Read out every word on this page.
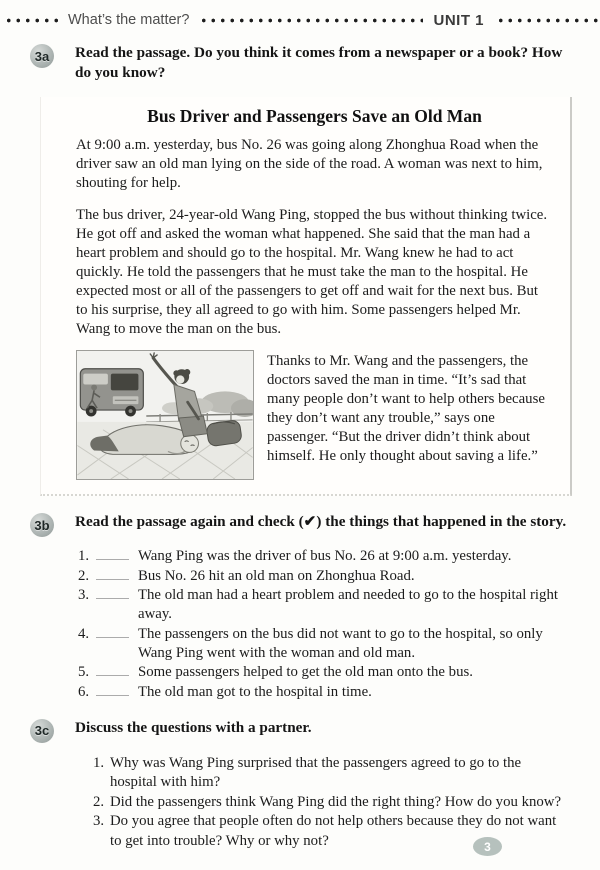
What’s the matter?	UNIT 1
3a	Read the passage. Do you think it comes from a newspaper or a book? How do you know?
Bus Driver and Passengers Save an Old Man

At 9:00 a.m. yesterday, bus No. 26 was going along Zhonghua Road when the driver saw an old man lying on the side of the road. A woman was next to him, shouting for help.

The bus driver, 24-year-old Wang Ping, stopped the bus without thinking twice. He got off and asked the woman what happened. She said that the man had a heart problem and should go to the hospital. Mr. Wang knew he had to act quickly. He told the passengers that he must take the man to the hospital. He expected most or all of the passengers to get off and wait for the next bus. But to his surprise, they all agreed to go with him. Some passengers helped Mr. Wang to move the man on the bus.

Thanks to Mr. Wang and the passengers, the doctors saved the man in time. “It’s sad that many people don’t want to help others because they don’t want any trouble,” says one passenger. “But the driver didn’t think about himself. He only thought about saving a life.”

3b Read the passage again and check (✔) the things that happened in the story.
1.	Wang Ping was the driver of bus No. 26 at 9:00 a.m. yesterday.
2.	Bus No. 26 hit an old man on Zhonghua Road.
3.	The old man had a heart problem and needed to go to the hospital right away.
4.	The passengers on the bus did not want to go to the hospital, so only Wang Ping went with the woman and old man.
5.	Some passengers helped to get the old man onto the bus.
6.	The old man got to the hospital in time.
3c	Discuss the questions with a partner.
1. Why was Wang Ping surprised that the passengers agreed to go to the hospital with him?
2. Did the passengers think Wang Ping did the right thing? How do you know?
3. Do you agree that people often do not help others because they do not want to get into trouble? Why or why not?	3
